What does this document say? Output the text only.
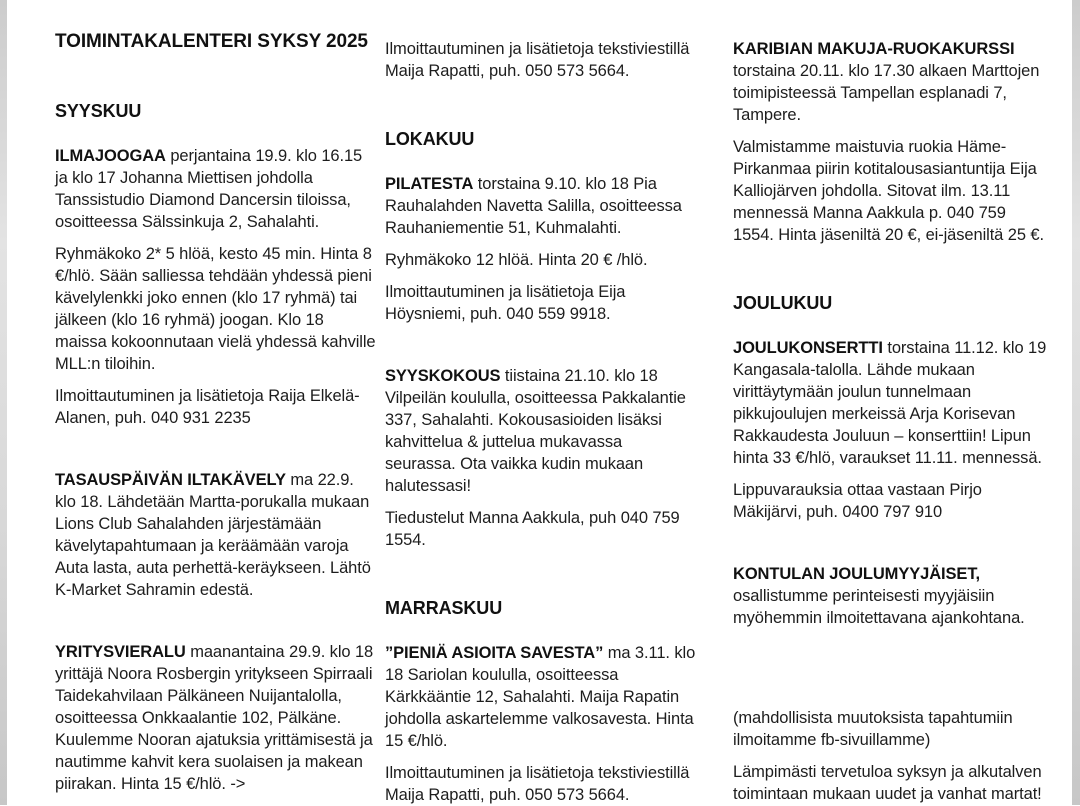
TOIMINTAKALENTERI SYKSY 2025
SYYSKUU
ILMAJOOGAA perjantaina 19.9. klo 16.15 ja klo 17 Johanna Miettisen johdolla Tanssistudio Diamond Dancersin tiloissa, osoitteessa Sälssinkuja 2, Sahalahti.
Ryhmäkoko 2* 5 hlöä, kesto 45 min. Hinta 8 €/hlö. Sään salliessa tehdään yhdessä pieni kävelylenkki joko ennen (klo 17 ryhmä) tai jälkeen (klo 16 ryhmä) joogan. Klo 18 maissa kokoonnutaan vielä yhdessä kahville MLL:n tiloihin.
Ilmoittautuminen ja lisätietoja Raija Elkelä-Alanen, puh. 040 931 2235
TASAUSPÄIVÄN ILTAKÄVELY ma 22.9. klo 18. Lähdetään Martta-porukalla mukaan Lions Club Sahalahden järjestämään kävelytapahtumaan ja keräämään varoja Auta lasta, auta perhettä-keräykseen. Lähtö K-Market Sahramin edestä.
YRITYSVIERALU maanantaina 29.9. klo 18 yrittäjä Noora Rosbergin yritykseen Spirraali Taidekahvilaan Pälkäneen Nuijantalolla, osoitteessa Onkkaalantie 102, Pälkäne. Kuulemme Nooran ajatuksia yrittämisestä ja nautimme kahvit kera suolaisen ja makean piirakan. Hinta 15 €/hlö. ->
Ilmoittautuminen ja lisätietoja tekstiviestillä Maija Rapatti, puh. 050 573 5664.
LOKAKUU
PILATESTA torstaina 9.10. klo 18 Pia Rauhalahden Navetta Salilla, osoitteessa Rauhaniementie 51, Kuhmalahti.
Ryhmäkoko 12 hlöä. Hinta 20 € /hlö.
Ilmoittautuminen ja lisätietoja Eija Höysniemi, puh. 040 559 9918.
SYYSKOKOUS tiistaina 21.10. klo 18 Vilpeilän koululla, osoitteessa Pakkalantie 337, Sahalahti. Kokousasioiden lisäksi kahvittelua & juttelua mukavassa seurassa. Ota vaikka kudin mukaan halutessasi!
Tiedustelut Manna Aakkula, puh 040 759 1554.
MARRASKUU
”PIENIÄ ASIOITA SAVESTA” ma 3.11. klo 18 Sariolan koululla, osoitteessa Kärkkääntie 12, Sahalahti. Maija Rapatin johdolla askartelemme valkosavesta. Hinta 15 €/hlö.
Ilmoittautuminen ja lisätietoja tekstiviestillä Maija Rapatti, puh. 050 573 5664.
KARIBIAN MAKUJA-RUOKAKURSSI torstaina 20.11. klo 17.30 alkaen Marttojen toimipisteessä Tampellan esplanadi 7, Tampere.
Valmistamme maistuvia ruokia Häme-Pirkanmaa piirin kotitalousasiantuntija Eija Kalliojärven johdolla. Sitovat ilm. 13.11 mennessä Manna Aakkula p. 040 759 1554. Hinta jäseniltä 20 €, ei-jäseniltä 25 €.
JOULUKUU
JOULUKONSERTTI torstaina 11.12. klo 19 Kangasala-talolla. Lähde mukaan virittäytymään joulun tunnelmaan pikkujoulujen merkeissä Arja Korisevan Rakkaudesta Jouluun – konserttiin! Lipun hinta 33 €/hlö, varaukset 11.11. mennessä.
Lippuvarauksia ottaa vastaan Pirjo Mäkijärvi, puh. 0400 797 910
KONTULAN JOULUMYYJÄISET, osallistumme perinteisesti myyjäisiin myöhemmin ilmoitettavana ajankohtana.
(mahdollisista muutoksista tapahtumiin ilmoitamme fb-sivuillamme)
Lämpimästi tervetuloa syksyn ja alkutalven toimintaan mukaan uudet ja vanhat martat!
